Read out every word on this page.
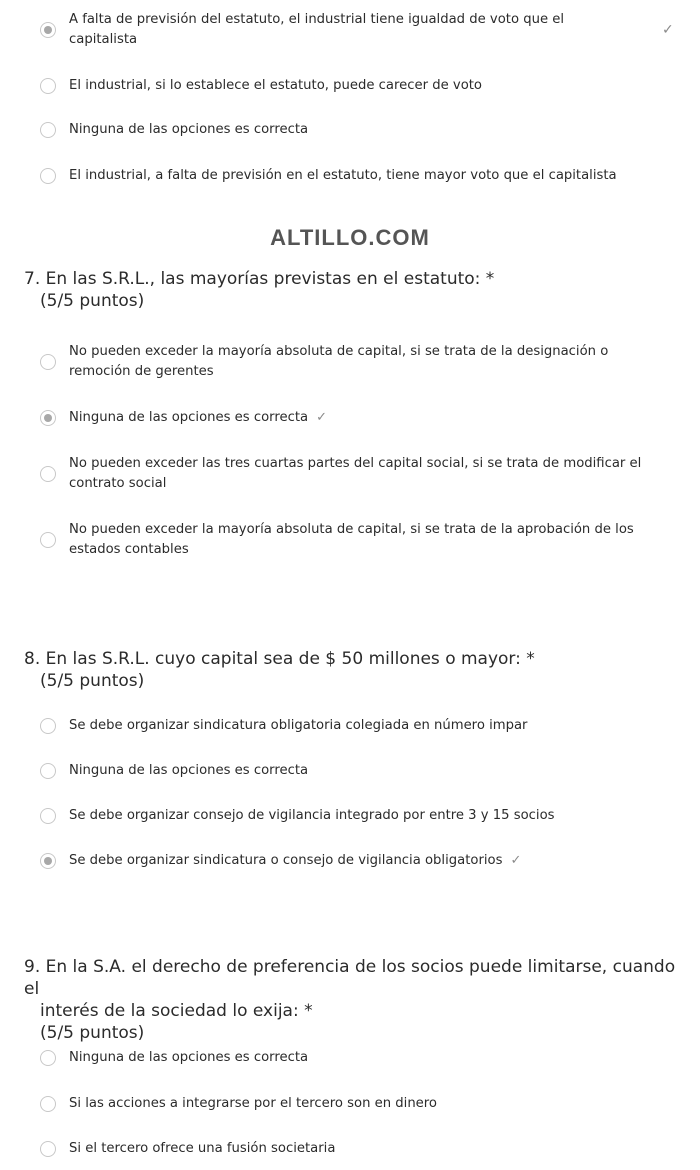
A falta de previsión del estatuto, el industrial tiene igualdad de voto que el
capitalista
✓
El industrial, si lo establece el estatuto, puede carecer de voto
Ninguna de las opciones es correcta
El industrial, a falta de previsión en el estatuto, tiene mayor voto que el capitalista
ALTILLO.COM
7. En las S.R.L., las mayorías previstas en el estatuto: *
(5/5 puntos)
No pueden exceder la mayoría absoluta de capital, si se trata de la designación o
remoción de gerentes
Ninguna de las opciones es correcta ✓
No pueden exceder las tres cuartas partes del capital social, si se trata de modificar el
contrato social
No pueden exceder la mayoría absoluta de capital, si se trata de la aprobación de los
estados contables
8. En las S.R.L. cuyo capital sea de $ 50 millones o mayor: *
(5/5 puntos)
Se debe organizar sindicatura obligatoria colegiada en número impar
Ninguna de las opciones es correcta
Se debe organizar consejo de vigilancia integrado por entre 3 y 15 socios
Se debe organizar sindicatura o consejo de vigilancia obligatorios ✓
9. En la S.A. el derecho de preferencia de los socios puede limitarse, cuando el
interés de la sociedad lo exija: *
(5/5 puntos)
Ninguna de las opciones es correcta
Si las acciones a integrarse por el tercero son en dinero
Si el tercero ofrece una fusión societaria
